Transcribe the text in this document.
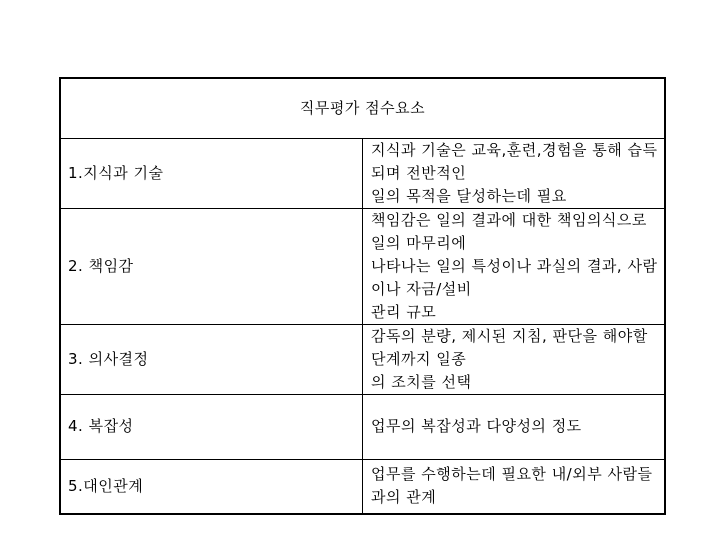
직무평가 점수요소	
1.지식과 기술	지식과 기술은 교육,훈련,경험을 통해 습득되며 전반적인
일의 목적을 달성하는데 필요
2. 책임감	책임감은 일의 결과에 대한 책임의식으로 일의 마무리에
나타나는 일의 특성이나 과실의 결과, 사람이나 자금/설비
관리 규모
3. 의사결정	감독의 분량, 제시된 지침, 판단을 해야할 단계까지 일종
의 조치를 선택
4. 복잡성	업무의 복잡성과 다양성의 정도
5.대인관계	업무를 수행하는데 필요한 내/외부 사람들과의 관계
